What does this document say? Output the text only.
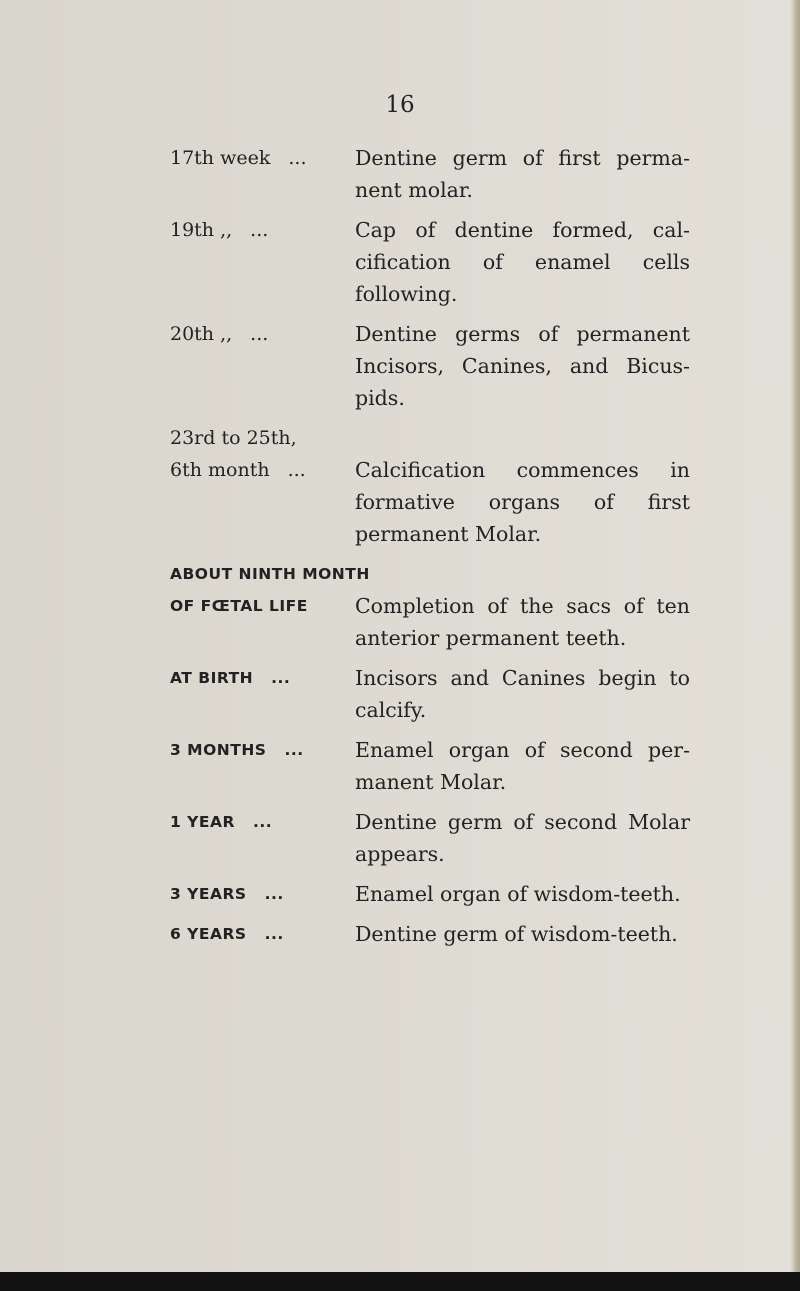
16
17th week ...	Dentine germ of first perma-nent molar.
19th ,, ...	Cap of dentine formed, cal-cification of enamel cells following.
20th ,, ...	Dentine germs of permanent Incisors, Canines, and Bicus-pids.
23rd to 25th,
6th month ...	Calcification commences in formative organs of first permanent Molar.
ABOUT NINTH MONTH
OF FŒTAL LIFE	Completion of the sacs of ten anterior permanent teeth.
AT BIRTH ...	Incisors and Canines begin to calcify.
3 MONTHS ...	Enamel organ of second per-manent Molar.
1 YEAR ...	Dentine germ of second Molar appears.
3 YEARS ...	Enamel organ of wisdom-teeth.
6 YEARS ...	Dentine germ of wisdom-teeth.
